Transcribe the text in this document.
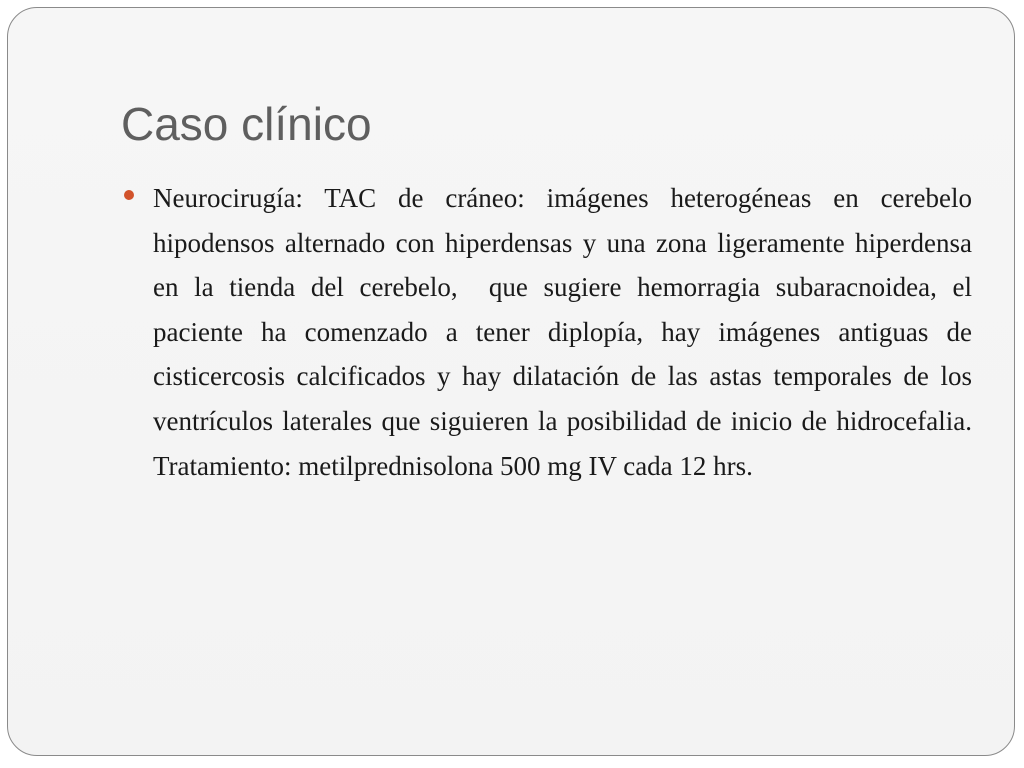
Caso clínico

Neurocirugía: TAC de cráneo: imágenes heterogéneas en cerebelo hipodensos alternado con hiperdensas y una zona ligeramente hiperdensa en la tienda del cerebelo,  que sugiere hemorragia subaracnoidea, el paciente ha comenzado a tener diplopía, hay imágenes antiguas de cisticercosis calcificados y hay dilatación de las astas temporales de los ventrículos laterales que siguieren la posibilidad de inicio de hidrocefalia. Tratamiento: metilprednisolona 500 mg IV cada 12 hrs.
